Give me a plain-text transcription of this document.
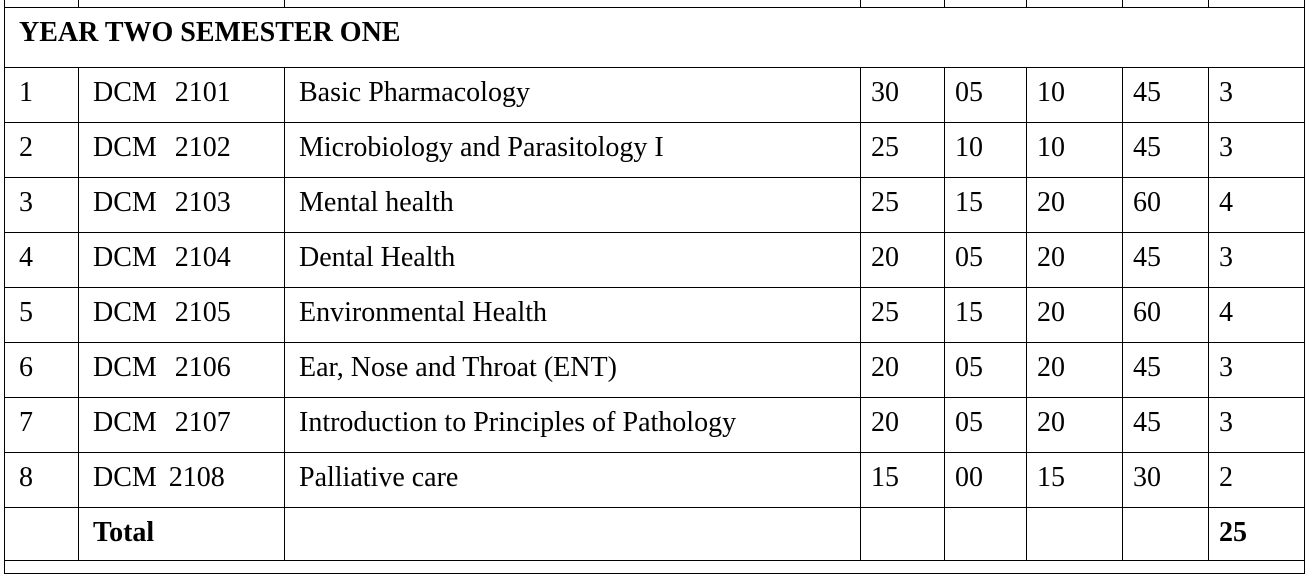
YEAR TWO SEMESTER ONE							
1	DCM 2101	Basic Pharmacology	30	05	10	45	3
2	DCM 2102	Microbiology and Parasitology I	25	10	10	45	3
3	DCM 2103	Mental health	25	15	20	60	4
4	DCM 2104	Dental Health	20	05	20	45	3
5	DCM 2105	Environmental Health	25	15	20	60	4
6	DCM 2106	Ear, Nose and Throat (ENT)	20	05	20	45	3
7	DCM 2107	Introduction to Principles of Pathology	20	05	20	45	3
8	DCM 2108	Palliative care	15	00	15	30	2
	Total						25
